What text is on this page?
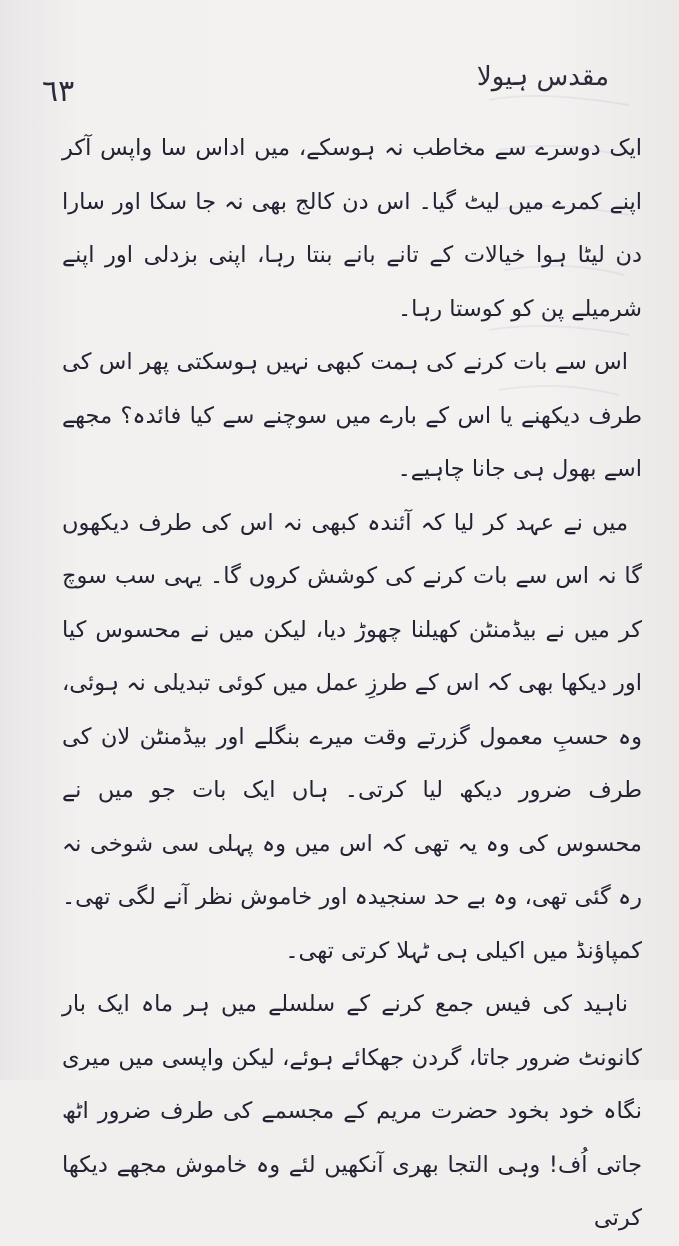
٦٣	مقدس ہیولا

ایک دوسرے سے مخاطب نہ ہوسکے، میں اداس سا واپس آکر اپنے کمرے میں لیٹ گیا۔ اس دن کالج بھی نہ جا سکا اور سارا دن لیٹا ہوا خیالات کے تانے بانے بنتا رہا، اپنی بزدلی اور اپنے شرمیلے پن کو کوستا رہا۔

اس سے بات کرنے کی ہمت کبھی نہیں ہوسکتی پھر اس کی طرف دیکھنے یا اس کے بارے میں سوچنے سے کیا فائدہ؟ مجھے اسے بھول ہی جانا چاہیے۔

میں نے عہد کر لیا کہ آئندہ کبھی نہ اس کی طرف دیکھوں گا نہ اس سے بات کرنے کی کوشش کروں گا۔ یہی سب سوچ کر میں نے بیڈمنٹن کھیلنا چھوڑ دیا، لیکن میں نے محسوس کیا اور دیکھا بھی کہ اس کے طرزِ عمل میں کوئی تبدیلی نہ ہوئی، وہ حسبِ معمول گزرتے وقت میرے بنگلے اور بیڈمنٹن لان کی طرف ضرور دیکھ لیا کرتی۔ ہاں ایک بات جو میں نے محسوس کی وہ یہ تھی کہ اس میں وہ پہلی سی شوخی نہ رہ گئی تھی، وہ بے حد سنجیدہ اور خاموش نظر آنے لگی تھی۔ کمپاؤنڈ میں اکیلی ہی ٹہلا کرتی تھی۔

ناہید کی فیس جمع کرنے کے سلسلے میں ہر ماہ ایک بار کانونٹ ضرور جاتا، گردن جھکائے ہوئے، لیکن واپسی میں میری نگاہ خود بخود حضرت مریم کے مجسمے کی طرف ضرور اٹھ جاتی اُف! وہی التجا بھری آنکھیں لئے وہ خاموش مجھے دیکھا کرتی
